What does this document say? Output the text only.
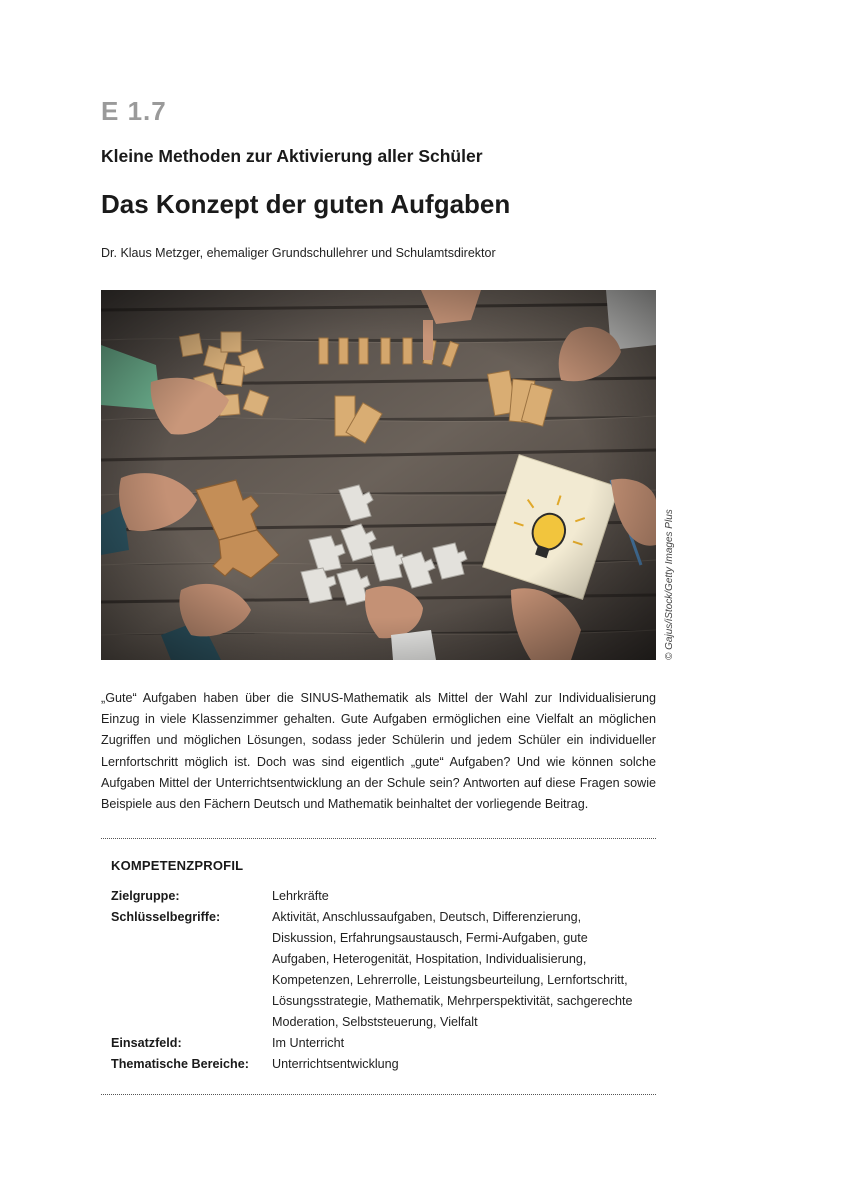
E 1.7
Kleine Methoden zur Aktivierung aller Schüler
Das Konzept der guten Aufgaben
Dr. Klaus Metzger, ehemaliger Grundschullehrer und Schulamtsdirektor
© Gajus/iStock/Getty Images Plus
„Gute“ Aufgaben haben über die SINUS-Mathematik als Mittel der Wahl zur Individualisierung Einzug in viele Klassenzimmer gehalten. Gute Aufgaben ermöglichen eine Vielfalt an möglichen Zugriffen und möglichen Lösungen, sodass jeder Schülerin und jedem Schüler ein individueller Lernfortschritt möglich ist. Doch was sind eigentlich „gute“ Aufgaben? Und wie können solche Aufgaben Mittel der Unterrichtsentwicklung an der Schule sein? Antworten auf diese Fragen sowie Beispiele aus den Fächern Deutsch und Mathematik beinhaltet der vorliegende Beitrag.
KOMPETENZPROFIL
Zielgruppe:	Lehrkräfte
Schlüsselbegriffe:	Aktivität, Anschlussaufgaben, Deutsch, Differenzierung, Diskussion, Erfahrungsaustausch, Fermi-Aufgaben, gute Aufgaben, Heterogenität, Hospitation, Individualisierung, Kompetenzen, Lehrerrolle, Leistungsbeurteilung, Lernfortschritt, Lösungsstrategie, Mathematik, Mehrperspektivität, sachgerechte Moderation, Selbststeuerung, Vielfalt
Einsatzfeld:	Im Unterricht
Thematische Bereiche:	Unterrichtsentwicklung
